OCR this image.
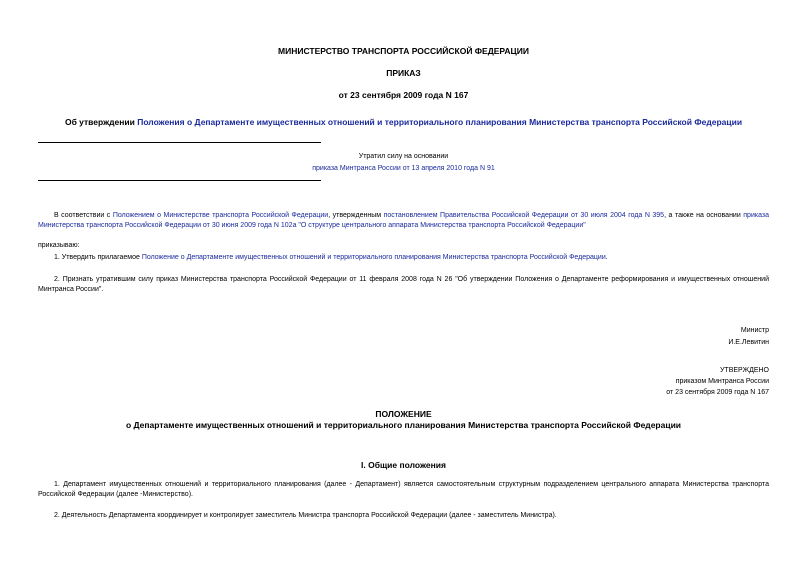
МИНИСТЕРСТВО ТРАНСПОРТА РОССИЙСКОЙ ФЕДЕРАЦИИ
ПРИКАЗ
от 23 сентября 2009 года N 167
Об утверждении Положения о Департаменте имущественных отношений и территориального планирования Министерства транспорта Российской Федерации
Утратил силу на основании
приказа Минтранса России от 13 апреля 2010 года N 91
В соответствии с Положением о Министерстве транспорта Российской Федерации, утвержденным постановлением Правительства Российской Федерации от 30 июля 2004 года N 395, а также на основании приказа Министерства транспорта Российской Федерации от 30 июня 2009 года N 102а "О структуре центрального аппарата Министерства транспорта Российской Федерации"
приказываю:
1. Утвердить прилагаемое Положение о Департаменте имущественных отношений и территориального планирования Министерства транспорта Российской Федерации.
2. Признать утратившим силу приказ Министерства транспорта Российской Федерации от 11 февраля 2008 года N 26 "Об утверждении Положения о Департаменте реформирования и имущественных отношений Минтранса России".
Министр
И.Е.Левитин
УТВЕРЖДЕНО
приказом Минтранса России
от 23 сентября 2009 года N 167
ПОЛОЖЕНИЕ
о Департаменте имущественных отношений и территориального планирования Министерства транспорта Российской Федерации
I. Общие положения
1. Департамент имущественных отношений и территориального планирования (далее - Департамент) является самостоятельным структурным подразделением центрального аппарата Министерства транспорта Российской Федерации (далее -Министерство).
2. Деятельность Департамента координирует и контролирует заместитель Министра транспорта Российской Федерации (далее - заместитель Министра).
